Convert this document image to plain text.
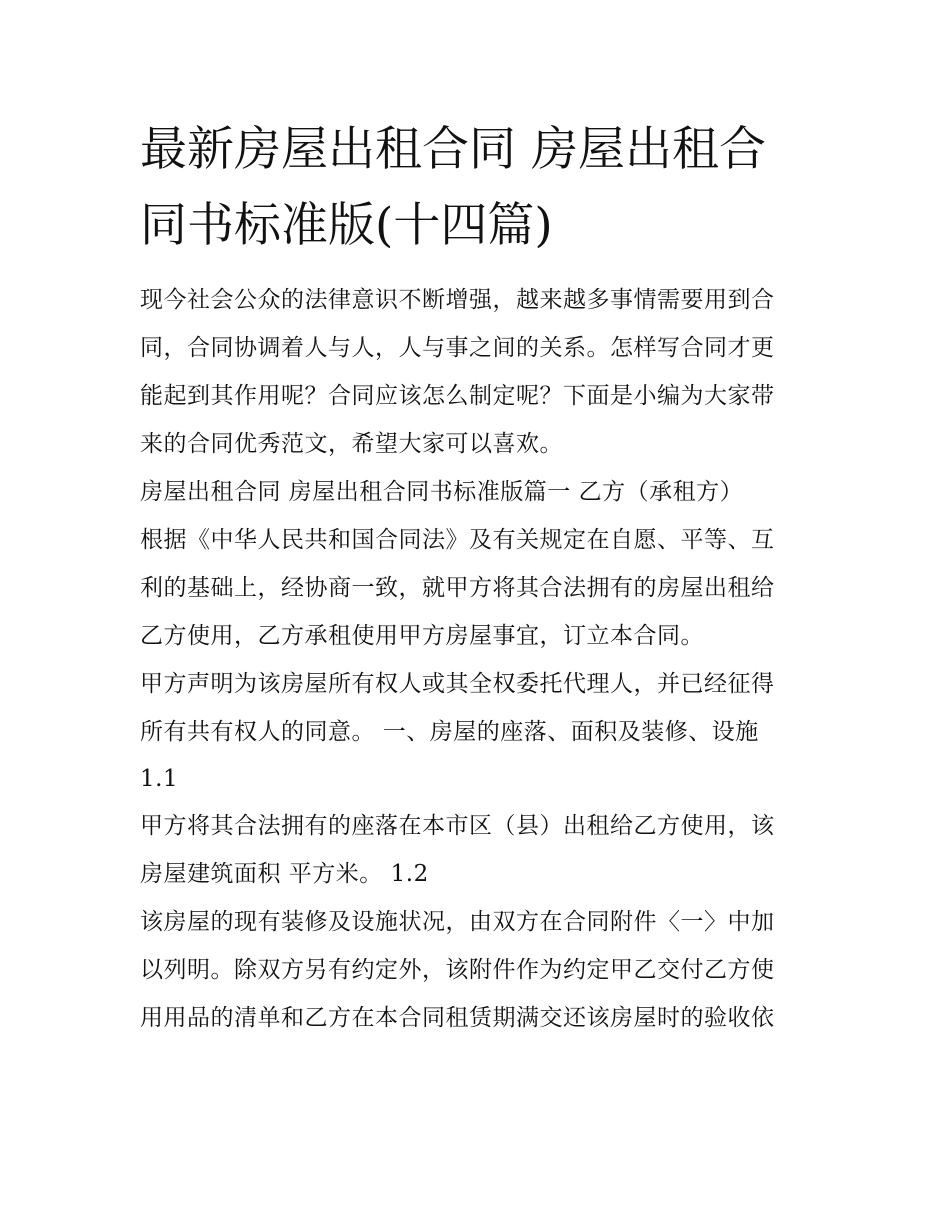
最新房屋出租合同 房屋出租合
同书标准版(十四篇)
现今社会公众的法律意识不断增强，越来越多事情需要用到合
同，合同协调着人与人，人与事之间的关系。怎样写合同才更
能起到其作用呢？合同应该怎么制定呢？下面是小编为大家带
来的合同优秀范文，希望大家可以喜欢。
房屋出租合同 房屋出租合同书标准版篇一 乙方（承租方）
根据《中华人民共和国合同法》及有关规定在自愿、平等、互
利的基础上，经协商一致，就甲方将其合法拥有的房屋出租给
乙方使用，乙方承租使用甲方房屋事宜，订立本合同。
甲方声明为该房屋所有权人或其全权委托代理人，并已经征得
所有共有权人的同意。 一、房屋的座落、面积及装修、设施
1.1
甲方将其合法拥有的座落在本市区（县）出租给乙方使用，该
房屋建筑面积 平方米。 1.2
该房屋的现有装修及设施状况，由双方在合同附件〈一〉中加
以列明。除双方另有约定外，该附件作为约定甲乙交付乙方使
用用品的清单和乙方在本合同租赁期满交还该房屋时的验收依
